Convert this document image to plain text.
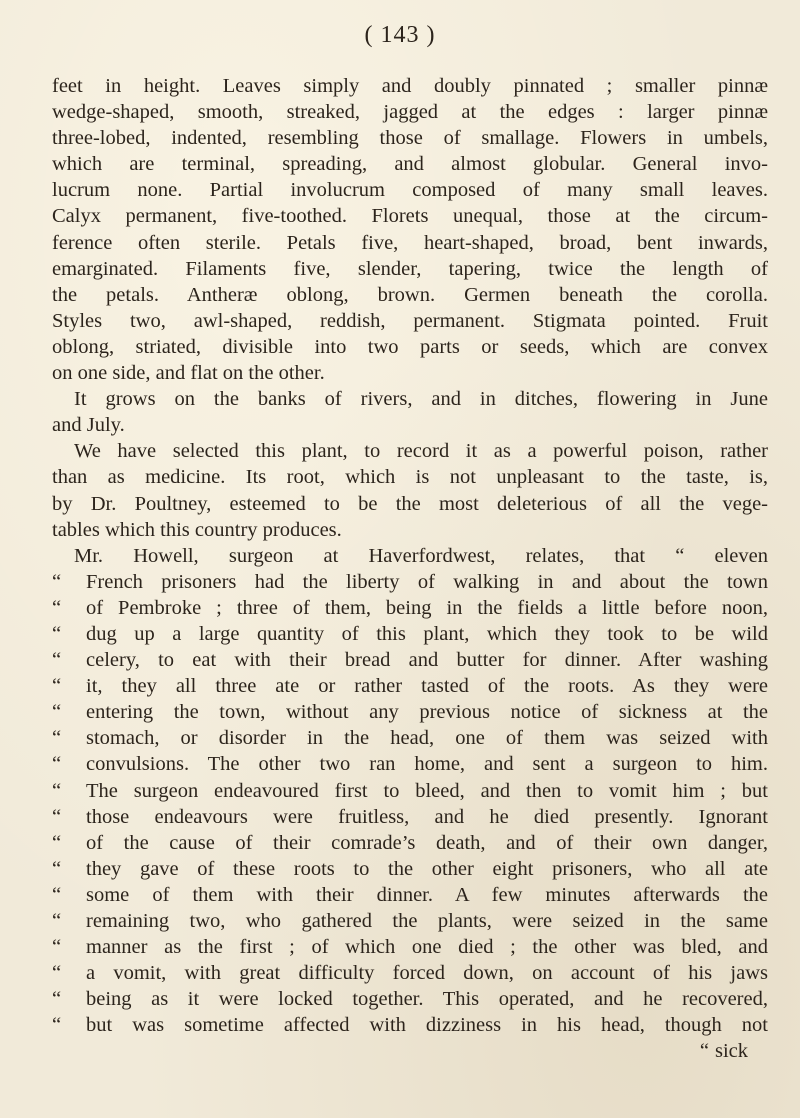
( 143 )
feet in height. Leaves simply and doubly pinnated ; smaller pinnæ
wedge-shaped, smooth, streaked, jagged at the edges : larger pinnæ
three-lobed, indented, resembling those of smallage. Flowers in umbels,
which are terminal, spreading, and almost globular. General invo-
lucrum none. Partial involucrum composed of many small leaves.
Calyx permanent, five-toothed. Florets unequal, those at the circum-
ference often sterile. Petals five, heart-shaped, broad, bent inwards,
emarginated. Filaments five, slender, tapering, twice the length of
the petals. Antheræ oblong, brown. Germen beneath the corolla.
Styles two, awl-shaped, reddish, permanent. Stigmata pointed. Fruit
oblong, striated, divisible into two parts or seeds, which are convex
on one side, and flat on the other.
It grows on the banks of rivers, and in ditches, flowering in June
and July.
We have selected this plant, to record it as a powerful poison, rather
than as medicine. Its root, which is not unpleasant to the taste, is,
by Dr. Poultney, esteemed to be the most deleterious of all the vege-
tables which this country produces.
Mr. Howell, surgeon at Haverfordwest, relates, that “ eleven
“ French prisoners had the liberty of walking in and about the town
“ of Pembroke ; three of them, being in the fields a little before noon,
“ dug up a large quantity of this plant, which they took to be wild
“ celery, to eat with their bread and butter for dinner. After washing
“ it, they all three ate or rather tasted of the roots. As they were
“ entering the town, without any previous notice of sickness at the
“ stomach, or disorder in the head, one of them was seized with
“ convulsions. The other two ran home, and sent a surgeon to him.
“ The surgeon endeavoured first to bleed, and then to vomit him ; but
“ those endeavours were fruitless, and he died presently. Ignorant
“ of the cause of their comrade’s death, and of their own danger,
“ they gave of these roots to the other eight prisoners, who all ate
“ some of them with their dinner. A few minutes afterwards the
“ remaining two, who gathered the plants, were seized in the same
“ manner as the first ; of which one died ; the other was bled, and
“ a vomit, with great difficulty forced down, on account of his jaws
“ being as it were locked together. This operated, and he recovered,
“ but was sometime affected with dizziness in his head, though not
“ sick
